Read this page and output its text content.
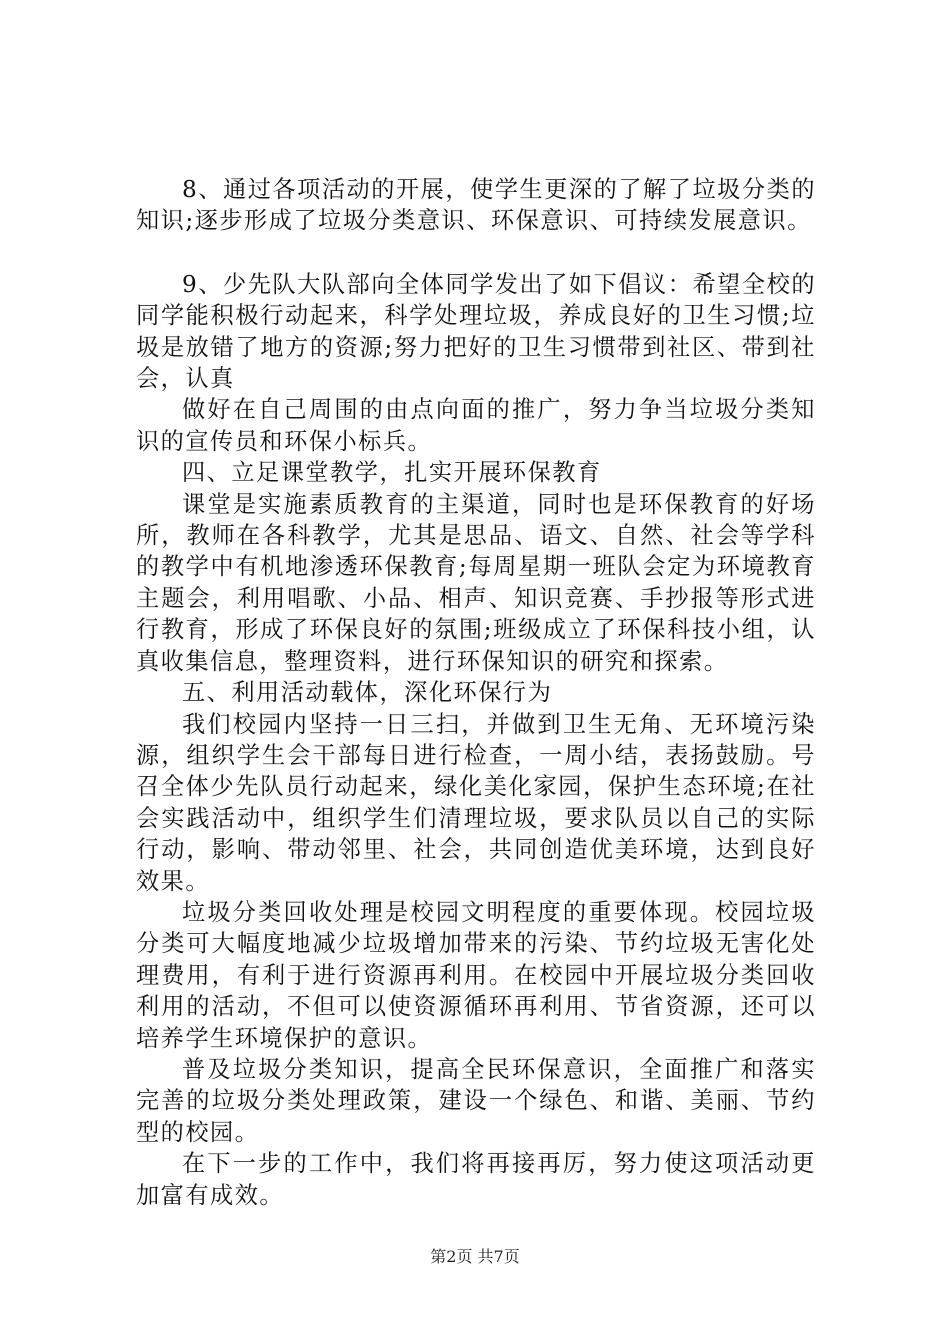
8、通过各项活动的开展，使学生更深的了解了垃圾分类的知识;逐步形成了垃圾分类意识、环保意识、可持续发展意识。

9、少先队大队部向全体同学发出了如下倡议：希望全校的同学能积极行动起来，科学处理垃圾，养成良好的卫生习惯;垃圾是放错了地方的资源;努力把好的卫生习惯带到社区、带到社会，认真

做好在自己周围的由点向面的推广，努力争当垃圾分类知识的宣传员和环保小标兵。

四、立足课堂教学，扎实开展环保教育

课堂是实施素质教育的主渠道，同时也是环保教育的好场所，教师在各科教学，尤其是思品、语文、自然、社会等学科的教学中有机地渗透环保教育;每周星期一班队会定为环境教育主题会，利用唱歌、小品、相声、知识竞赛、手抄报等形式进行教育，形成了环保良好的氛围;班级成立了环保科技小组，认真收集信息，整理资料，进行环保知识的研究和探索。

五、利用活动载体，深化环保行为

我们校园内坚持一日三扫，并做到卫生无角、无环境污染源，组织学生会干部每日进行检查，一周小结，表扬鼓励。号召全体少先队员行动起来，绿化美化家园，保护生态环境;在社会实践活动中，组织学生们清理垃圾，要求队员以自己的实际行动，影响、带动邻里、社会，共同创造优美环境，达到良好效果。

垃圾分类回收处理是校园文明程度的重要体现。校园垃圾分类可大幅度地减少垃圾增加带来的污染、节约垃圾无害化处理费用，有利于进行资源再利用。在校园中开展垃圾分类回收利用的活动，不但可以使资源循环再利用、节省资源，还可以培养学生环境保护的意识。

普及垃圾分类知识，提高全民环保意识，全面推广和落实完善的垃圾分类处理政策，建设一个绿色、和谐、美丽、节约型的校园。

在下一步的工作中，我们将再接再厉，努力使这项活动更加富有成效。

第2页 共7页
